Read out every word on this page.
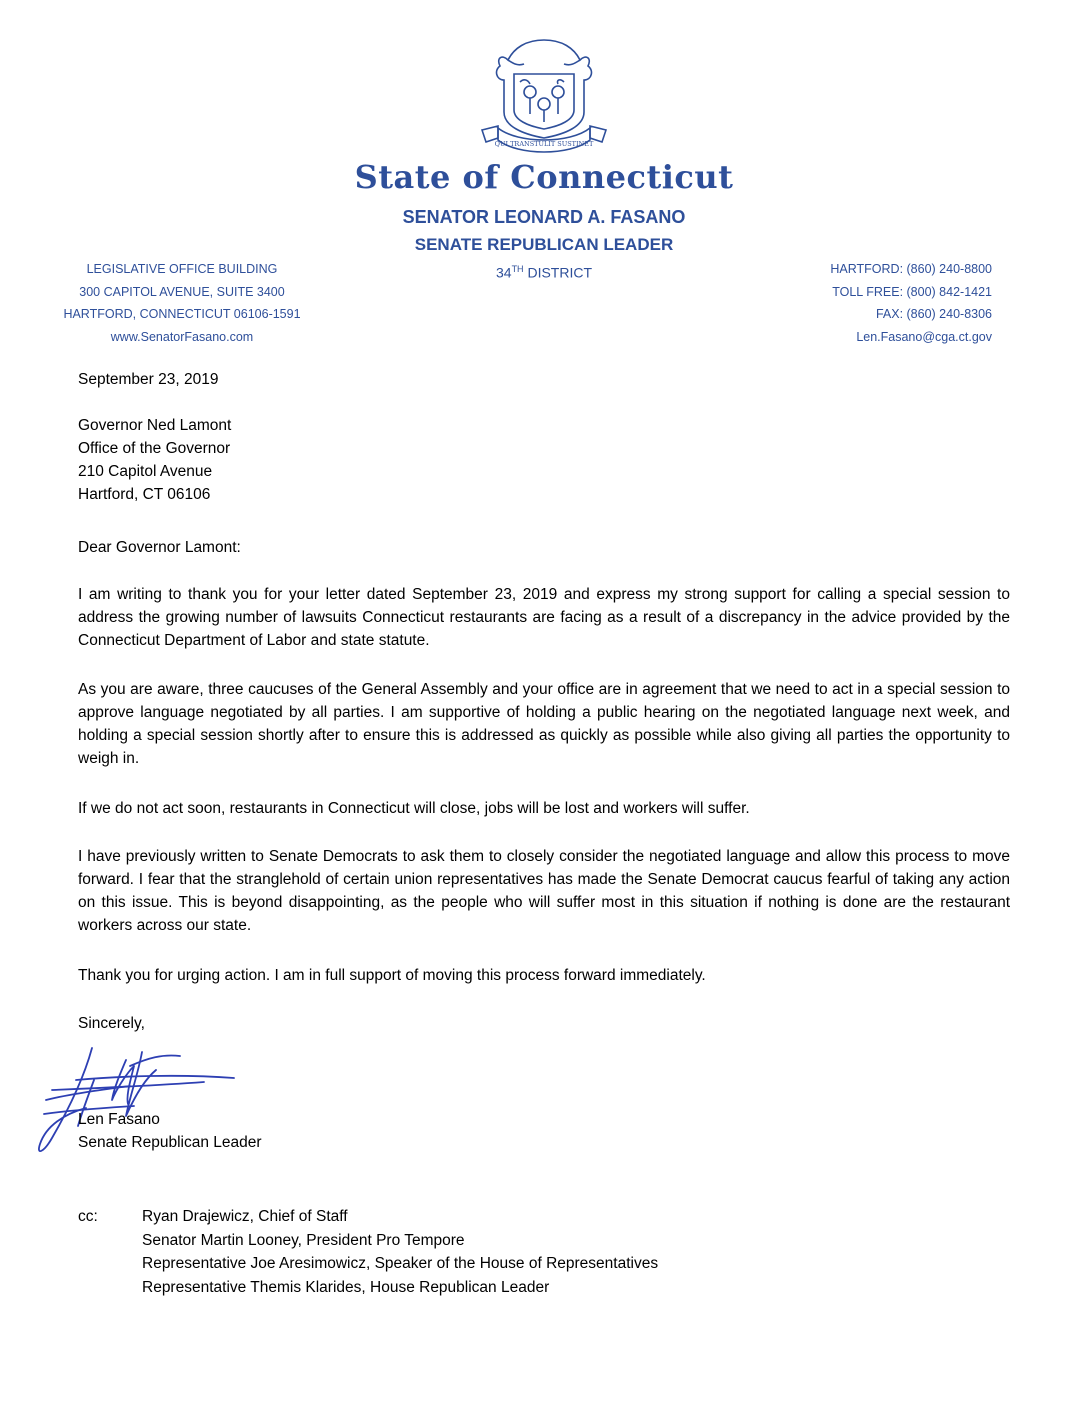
QUI TRANSTULIT SUSTINET
State of Connecticut
SENATOR LEONARD A. FASANO
SENATE REPUBLICAN LEADER
34TH DISTRICT
LEGISLATIVE OFFICE BUILDING
300 CAPITOL AVENUE, SUITE 3400
HARTFORD, CONNECTICUT 06106-1591
www.SenatorFasano.com
HARTFORD: (860) 240-8800
TOLL FREE: (800) 842-1421
FAX: (860) 240-8306
Len.Fasano@cga.ct.gov
September 23, 2019
Governor Ned Lamont
Office of the Governor
210 Capitol Avenue
Hartford, CT 06106
Dear Governor Lamont:
I am writing to thank you for your letter dated September 23, 2019 and express my strong support for calling a special session to address the growing number of lawsuits Connecticut restaurants are facing as a result of a discrepancy in the advice provided by the Connecticut Department of Labor and state statute.
As you are aware, three caucuses of the General Assembly and your office are in agreement that we need to act in a special session to approve language negotiated by all parties. I am supportive of holding a public hearing on the negotiated language next week, and holding a special session shortly after to ensure this is addressed as quickly as possible while also giving all parties the opportunity to weigh in.
If we do not act soon, restaurants in Connecticut will close, jobs will be lost and workers will suffer.
I have previously written to Senate Democrats to ask them to closely consider the negotiated language and allow this process to move forward. I fear that the stranglehold of certain union representatives has made the Senate Democrat caucus fearful of taking any action on this issue. This is beyond disappointing, as the people who will suffer most in this situation if nothing is done are the restaurant workers across our state.
Thank you for urging action. I am in full support of moving this process forward immediately.
Sincerely,
Len Fasano
Senate Republican Leader
cc:	Ryan Drajewicz, Chief of Staff
Senator Martin Looney, President Pro Tempore
Representative Joe Aresimowicz, Speaker of the House of Representatives
Representative Themis Klarides, House Republican Leader
